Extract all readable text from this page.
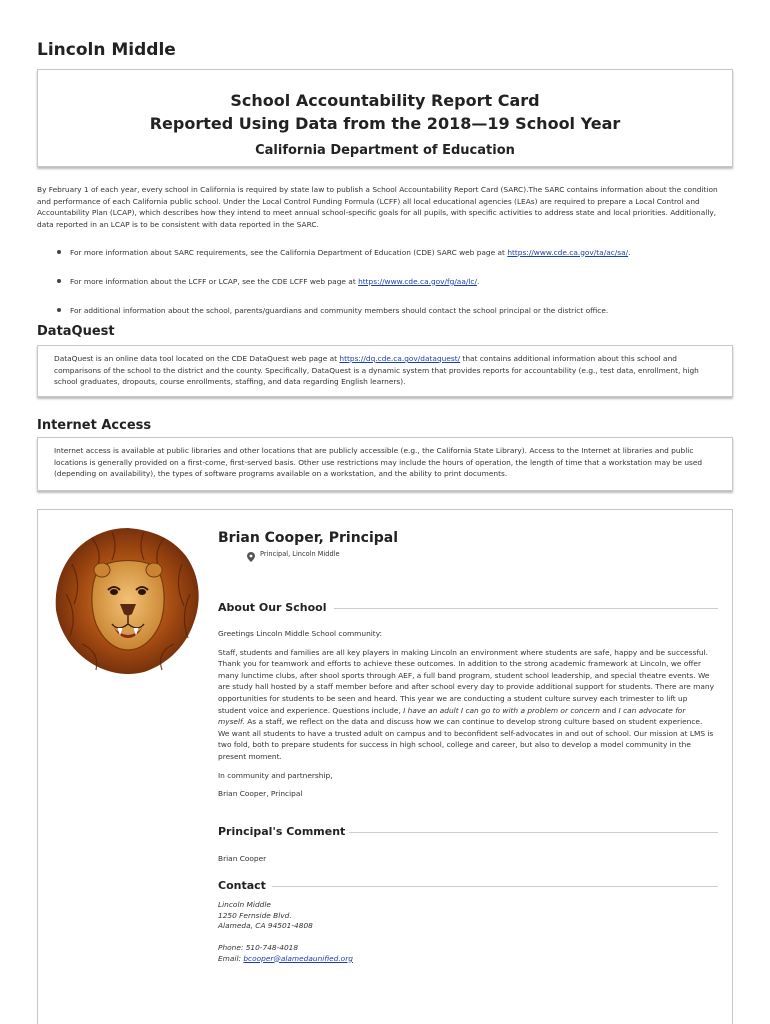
Lincoln Middle
School Accountability Report Card
Reported Using Data from the 2018—19 School Year
California Department of Education
By February 1 of each year, every school in California is required by state law to publish a School Accountability Report Card (SARC).The SARC contains information about the condition and performance of each California public school. Under the Local Control Funding Formula (LCFF) all local educational agencies (LEAs) are required to prepare a Local Control and Accountability Plan (LCAP), which describes how they intend to meet annual school-specific goals for all pupils, with specific activities to address state and local priorities. Additionally, data reported in an LCAP is to be consistent with data reported in the SARC.
For more information about SARC requirements, see the California Department of Education (CDE) SARC web page at https://www.cde.ca.gov/ta/ac/sa/.
For more information about the LCFF or LCAP, see the CDE LCFF web page at https://www.cde.ca.gov/fg/aa/lc/.
For additional information about the school, parents/guardians and community members should contact the school principal or the district office.
DataQuest
DataQuest is an online data tool located on the CDE DataQuest web page at https://dq.cde.ca.gov/dataquest/ that contains additional information about this school and comparisons of the school to the district and the county. Specifically, DataQuest is a dynamic system that provides reports for accountability (e.g., test data, enrollment, high school graduates, dropouts, course enrollments, staffing, and data regarding English learners).
Internet Access
Internet access is available at public libraries and other locations that are publicly accessible (e.g., the California State Library). Access to the Internet at libraries and public locations is generally provided on a first-come, first-served basis. Other use restrictions may include the hours of operation, the length of time that a workstation may be used (depending on availability), the types of software programs available on a workstation, and the ability to print documents.
Brian Cooper, Principal
Principal, Lincoln Middle
About Our School

Greetings Lincoln Middle School community:

Staff, students and families are all key players in making Lincoln an environment where students are safe, happy and be successful. Thank you for teamwork and efforts to achieve these outcomes. In addition to the strong academic framework at Lincoln, we offer many lunctime clubs, after shool sports through AEF, a full band program, student school leadership, and special theatre events. We are study hall hosted by a staff member before and after school every day to provide additional support for students. There are many opportunities for students to be seen and heard. This year we are conducting a student culture survey each trimester to lift up student voice and experience. Questions include, I have an adult I can go to with a problem or concern and I can advocate for myself. As a staff, we reflect on the data and discuss how we can continue to develop strong culture based on student experience. We want all students to have a trusted adult on campus and to beconfident self-advocates in and out of school. Our mission at LMS is two fold, both to prepare students for success in high school, college and career, but also to develop a model community in the present moment.

In community and partnership,

Brian Cooper, Principal

Principal's Comment
Brian Cooper
Contact
Lincoln Middle
1250 Fernside Blvd.
Alameda, CA 94501-4808
Phone: 510-748-4018
Email: bcooper@alamedaunified.org
